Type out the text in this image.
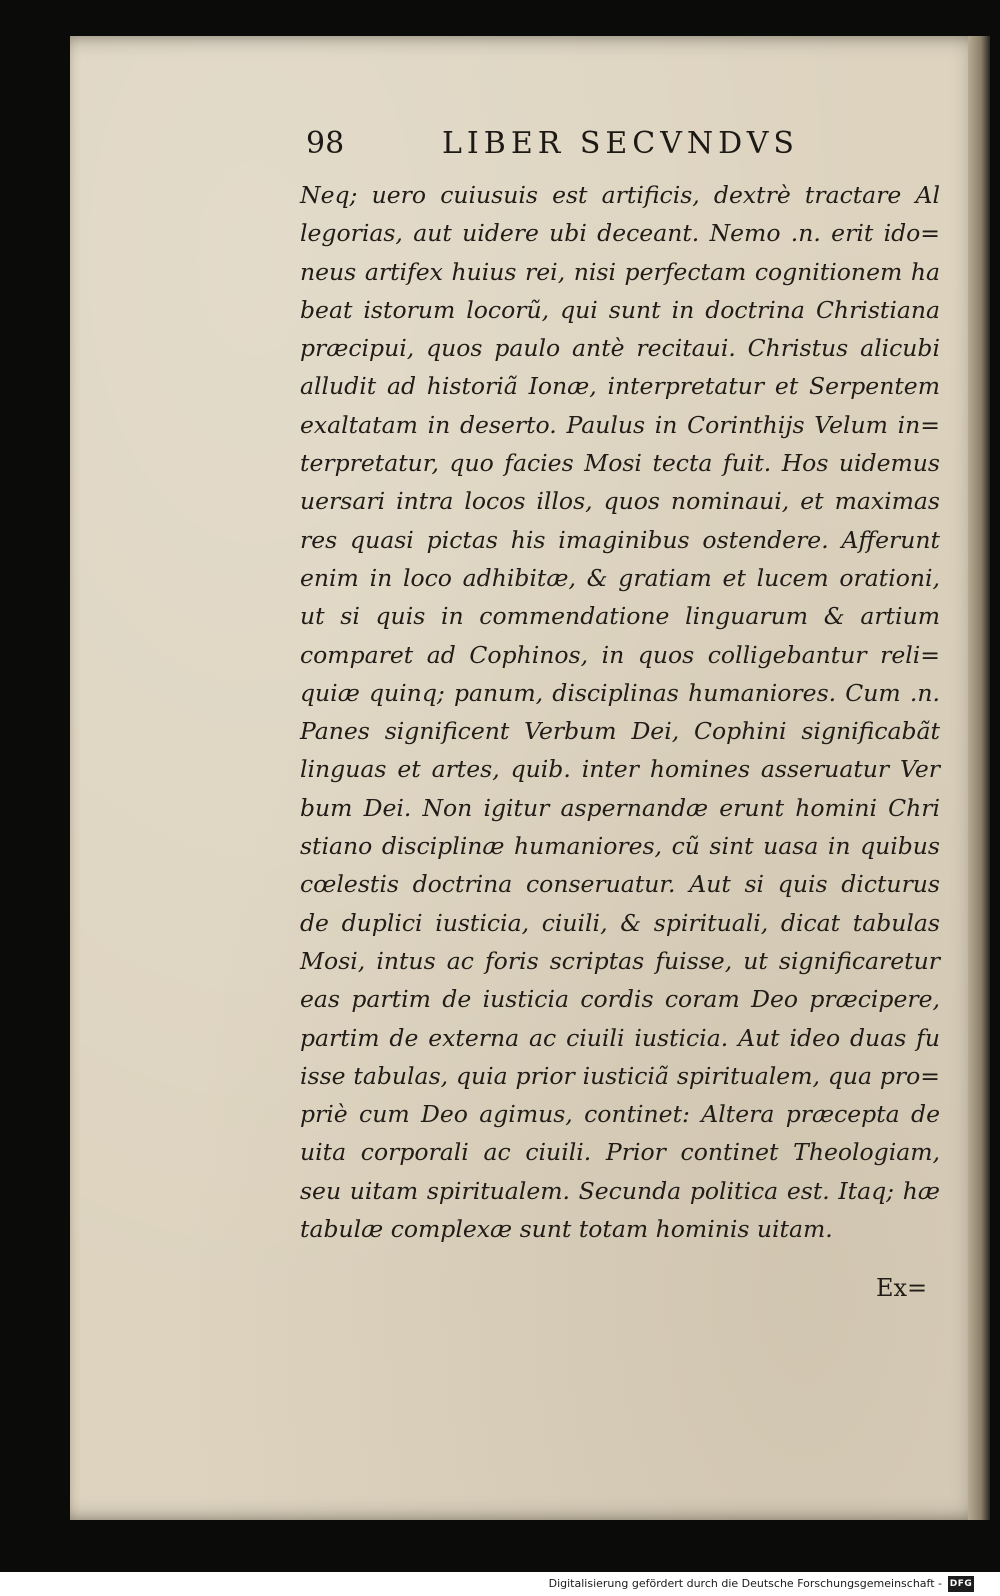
98	LIBER SECVNDVS
Neq; uero cuiusuis est artificis, dextrè tractare Al
legorias, aut uidere ubi deceant. Nemo .n. erit ido=
neus artifex huius rei, nisi perfectam cognitionem ha
beat istorum locorũ, qui sunt in doctrina Christiana
præcipui, quos paulo antè recitaui. Christus alicubi
alludit ad historiã Ionæ, interpretatur et Serpentem
exaltatam in deserto. Paulus in Corinthijs Velum in=
terpretatur, quo facies Mosi tecta fuit. Hos uidemus
uersari intra locos illos, quos nominaui, et maximas
res quasi pictas his imaginibus ostendere. Afferunt
enim in loco adhibitæ, & gratiam et lucem orationi,
ut si quis in commendatione linguarum & artium
comparet ad Cophinos, in quos colligebantur reli=
quiæ quinq; panum, disciplinas humaniores. Cum .n.
Panes significent Verbum Dei, Cophini significabãt
linguas et artes, quib. inter homines asseruatur Ver
bum Dei. Non igitur aspernandæ erunt homini Chri
stiano disciplinæ humaniores, cũ sint uasa in quibus
cœlestis doctrina conseruatur. Aut si quis dicturus
de duplici iusticia, ciuili, & spirituali, dicat tabulas
Mosi, intus ac foris scriptas fuisse, ut significaretur
eas partim de iusticia cordis coram Deo præcipere,
partim de externa ac ciuili iusticia. Aut ideo duas fu
isse tabulas, quia prior iusticiã spiritualem, qua pro=
priè cum Deo agimus, continet: Altera præcepta de
uita corporali ac ciuili. Prior continet Theologiam,
seu uitam spiritualem. Secunda politica est. Itaq; hæ
tabulæ complexæ sunt totam hominis uitam.
Ex=
Digitalisierung gefördert durch die Deutsche Forschungsgemeinschaft - DFG
